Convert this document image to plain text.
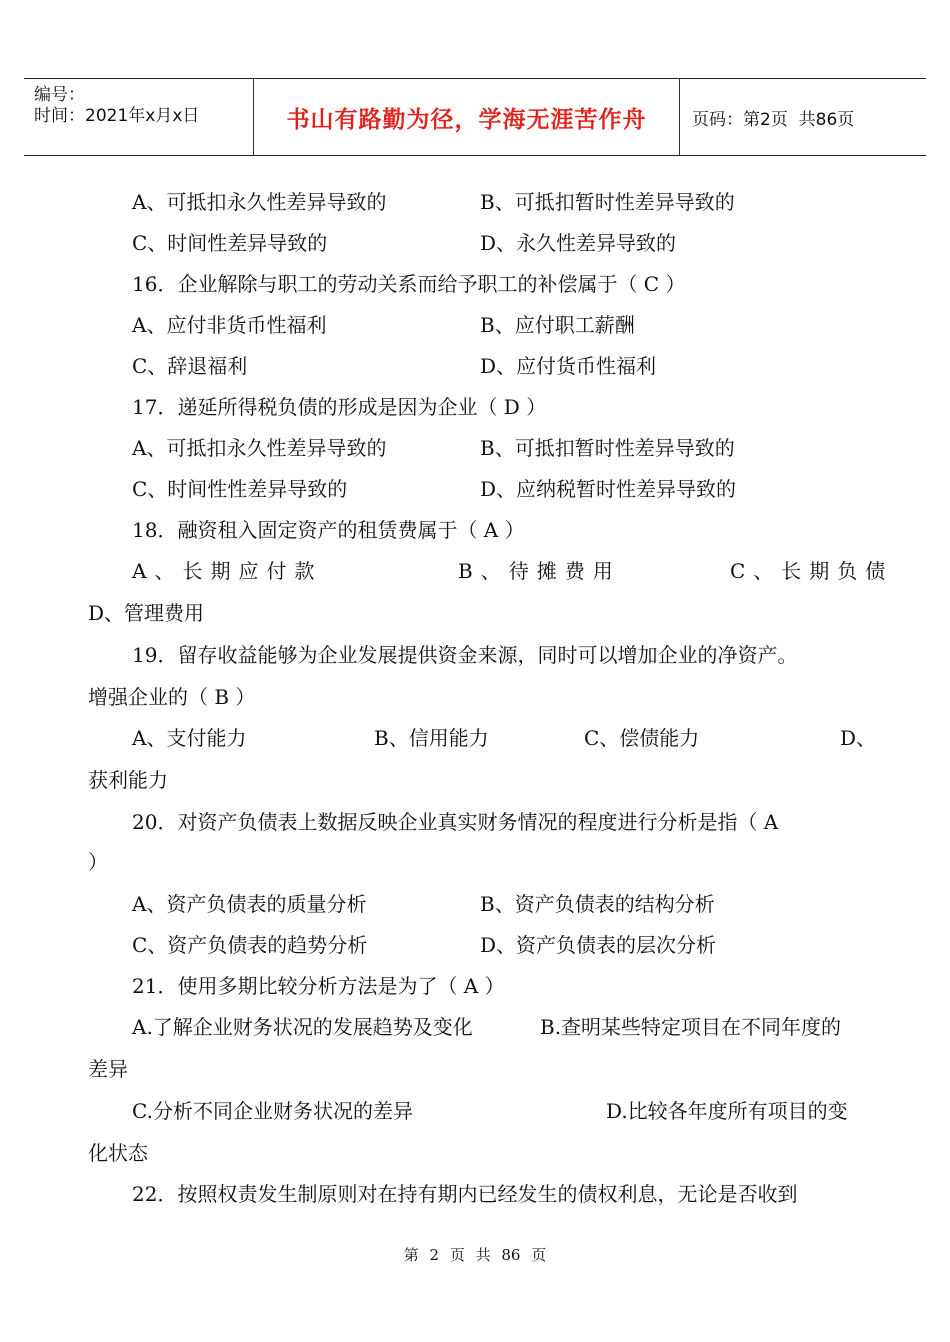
编号：
时间：2021年x月x日	书山有路勤为径，学海无涯苦作舟	页码：第2页  共86页
A、可抵扣永久性差异导致的	B、可抵扣暂时性差异导致的
C、时间性差异导致的	D、永久性差异导致的
16．企业解除与职工的劳动关系而给予职工的补偿属于（ C ）
A、应付非货币性福利	B、应付职工薪酬
C、辞退福利	D、应付货币性福利
17．递延所得税负债的形成是因为企业（ D ）
A、可抵扣永久性差异导致的	B、可抵扣暂时性差异导致的
C、时间性性差异导致的	D、应纳税暂时性差异导致的
18．融资租入固定资产的租赁费属于（ A ）
A、长期应付款	B、待摊费用	C、长期负债
D、管理费用
19．留存收益能够为企业发展提供资金来源，同时可以增加企业的净资产。
增强企业的（ B ）
A、支付能力	B、信用能力	C、偿债能力	D、
获利能力
20．对资产负债表上数据反映企业真实财务情况的程度进行分析是指（ A
）
A、资产负债表的质量分析	B、资产负债表的结构分析
C、资产负债表的趋势分析	D、资产负债表的层次分析
21．使用多期比较分析方法是为了（ A ）
A.了解企业财务状况的发展趋势及变化	B.查明某些特定项目在不同年度的
差异
C.分析不同企业财务状况的差异	D.比较各年度所有项目的变
化状态
22．按照权责发生制原则对在持有期内已经发生的债权利息，无论是否收到
第 2 页 共 86 页
